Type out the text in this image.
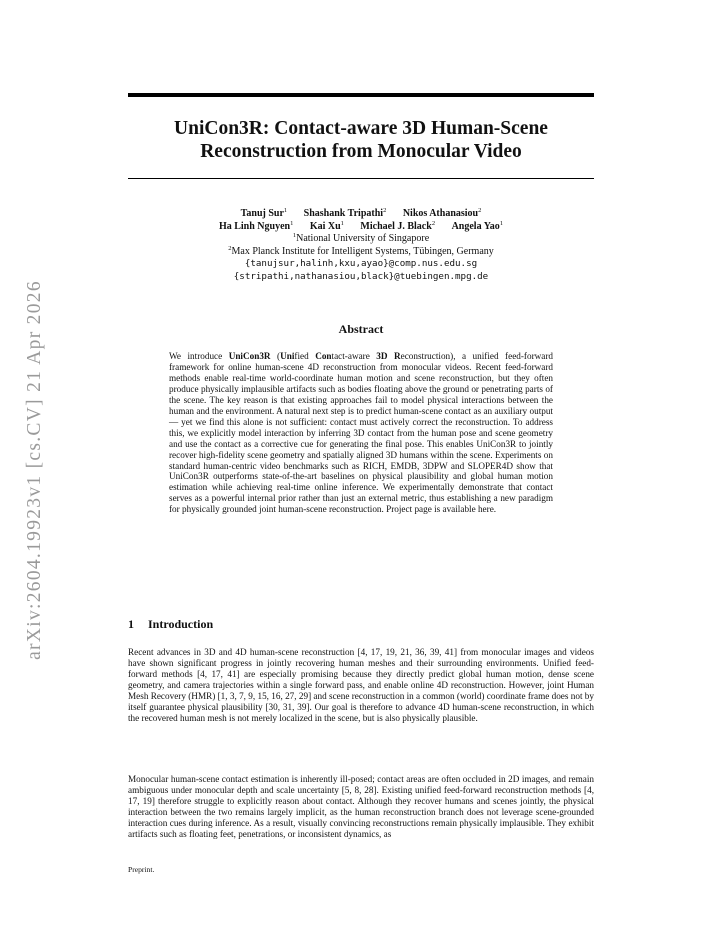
arXiv:2604.19923v1 [cs.CV] 21 Apr 2026
UniCon3R: Contact-aware 3D Human-Scene
Reconstruction from Monocular Video
Tanuj Sur$^1$ Shashank Tripathi$^2$ Nikos Athanasiou$^2$
Ha Linh Nguyen$^1$ Kai Xu$^1$ Michael J. Black$^2$ Angela Yao$^1$
$^1$National University of Singapore
$^2$Max Planck Institute for Intelligent Systems, Tübingen, Germany
{tanujsur,halinh,kxu,ayao}@comp.nus.edu.sg
{stripathi,nathanasiou,black}@tuebingen.mpg.de
Abstract

We introduce UniCon3R (Unified Contact-aware 3D Reconstruction), a unified feed-forward framework for online human-scene 4D reconstruction from monocular videos. Recent feed-forward methods enable real-time world-coordinate human motion and scene reconstruction, but they often produce physically implausible artifacts such as bodies floating above the ground or penetrating parts of the scene. The key reason is that existing approaches fail to model physical interactions between the human and the environment. A natural next step is to predict human-scene contact as an auxiliary output — yet we find this alone is not sufficient: contact must actively correct the reconstruction. To address this, we explicitly model interaction by inferring 3D contact from the human pose and scene geometry and use the contact as a corrective cue for generating the final pose. This enables UniCon3R to jointly recover high-fidelity scene geometry and spatially aligned 3D humans within the scene. Experiments on standard human-centric video benchmarks such as RICH, EMDB, 3DPW and SLOPER4D show that UniCon3R outperforms state-of-the-art baselines on physical plausibility and global human motion estimation while achieving real-time online inference. We experimentally demonstrate that contact serves as a powerful internal prior rather than just an external metric, thus establishing a new paradigm for physically grounded joint human-scene reconstruction. Project page is available here.

1 Introduction

Recent advances in 3D and 4D human-scene reconstruction [4, 17, 19, 21, 36, 39, 41] from monocular images and videos have shown significant progress in jointly recovering human meshes and their surrounding environments. Unified feed-forward methods [4, 17, 41] are especially promising because they directly predict global human motion, dense scene geometry, and camera trajectories within a single forward pass, and enable online 4D reconstruction. However, joint Human Mesh Recovery (HMR) [1, 3, 7, 9, 15, 16, 27, 29] and scene reconstruction in a common (world) coordinate frame does not by itself guarantee physical plausibility [30, 31, 39]. Our goal is therefore to advance 4D human-scene reconstruction, in which the recovered human mesh is not merely localized in the scene, but is also physically plausible.

Monocular human-scene contact estimation is inherently ill-posed; contact areas are often occluded in 2D images, and remain ambiguous under monocular depth and scale uncertainty [5, 8, 28]. Existing unified feed-forward reconstruction methods [4, 17, 19] therefore struggle to explicitly reason about contact. Although they recover humans and scenes jointly, the physical interaction between the two remains largely implicit, as the human reconstruction branch does not leverage scene-grounded interaction cues during inference. As a result, visually convincing reconstructions remain physically implausible. They exhibit artifacts such as floating feet, penetrations, or inconsistent dynamics, as

Preprint.
